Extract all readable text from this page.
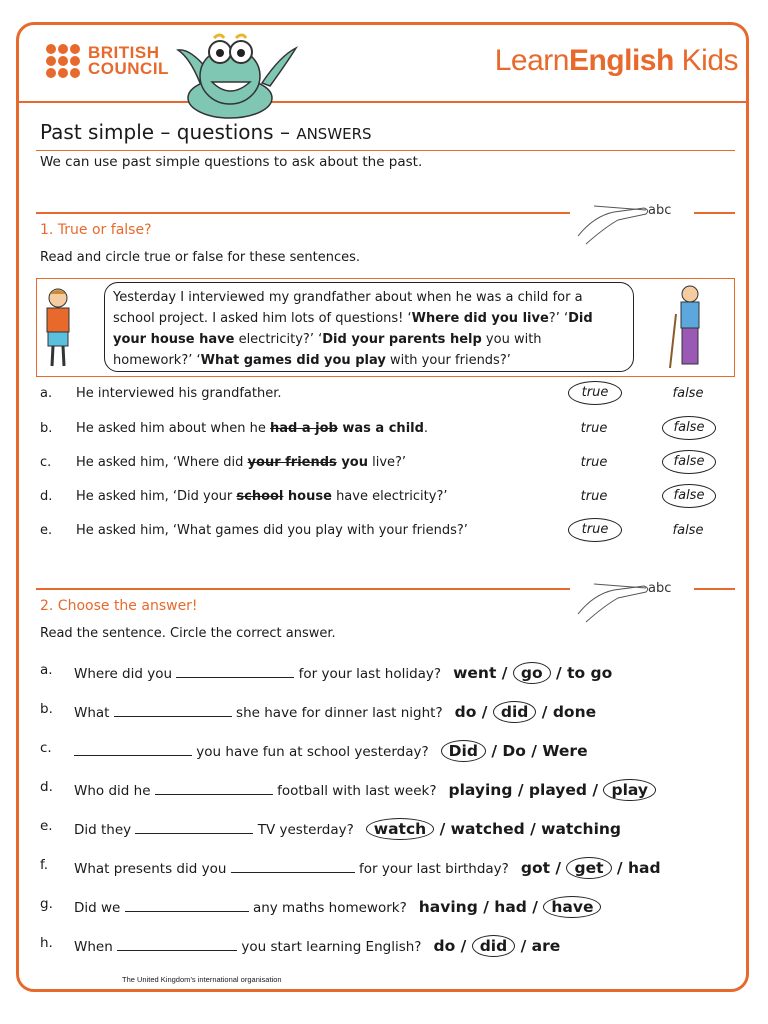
BRITISH
COUNCIL	LearnEnglish Kids
Past simple – questions – ANSWERS
We can use past simple questions to ask about the past.
abc
1. True or false?
Read and circle true or false for these sentences.
Yesterday I interviewed my grandfather about when he was a child for a school project. I asked him lots of questions! ‘Where did you live?’ ‘Did your house have electricity?’ ‘Did your parents help you with homework?’ ‘What games did you play with your friends?’
a. He interviewed his grandfather.	true	false
b. He asked him about when he had a job was a child.	true	false
c. He asked him, ‘Where did your friends you live?’	true	false
d. He asked him, ‘Did your school house have electricity?’	true	false
e. He asked him, ‘What games did you play with your friends?’	true	false
abc
2. Choose the answer!
Read the sentence. Circle the correct answer.
a. Where did you	for your last holiday? went / go / to go
b. What	she have for dinner last night? do / did / done
c.	you have fun at school yesterday? Did / Do / Were
d. Who did he	football with last week? playing / played / play
e. Did they	TV yesterday? watch / watched / watching
f. What presents did you	for your last birthday? got / get / had
g. Did we	any maths homework? having / had / have
h. When	you start learning English? do / did / are
The United Kingdom’s international organisation
